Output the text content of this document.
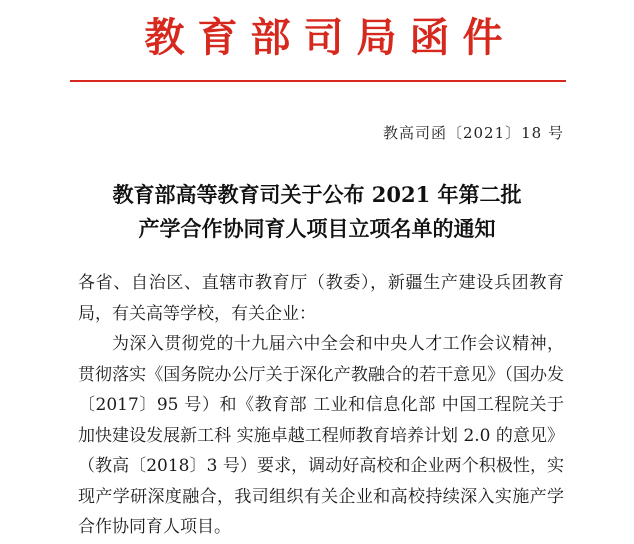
教育部司局函件
教高司函〔2021〕18 号
教育部高等教育司关于公布 2021 年第二批
产学合作协同育人项目立项名单的通知

各省、自治区、直辖市教育厅（教委），新疆生产建设兵团教育局，有关高等学校，有关企业：

为深入贯彻党的十九届六中全会和中央人才工作会议精神，贯彻落实《国务院办公厅关于深化产教融合的若干意见》（国办发〔2017〕95 号）和《教育部 工业和信息化部 中国工程院关于加快建设发展新工科 实施卓越工程师教育培养计划 2.0 的意见》（教高〔2018〕3 号）要求，调动好高校和企业两个积极性，实现产学研深度融合，我司组织有关企业和高校持续深入实施产学合作协同育人项目。
